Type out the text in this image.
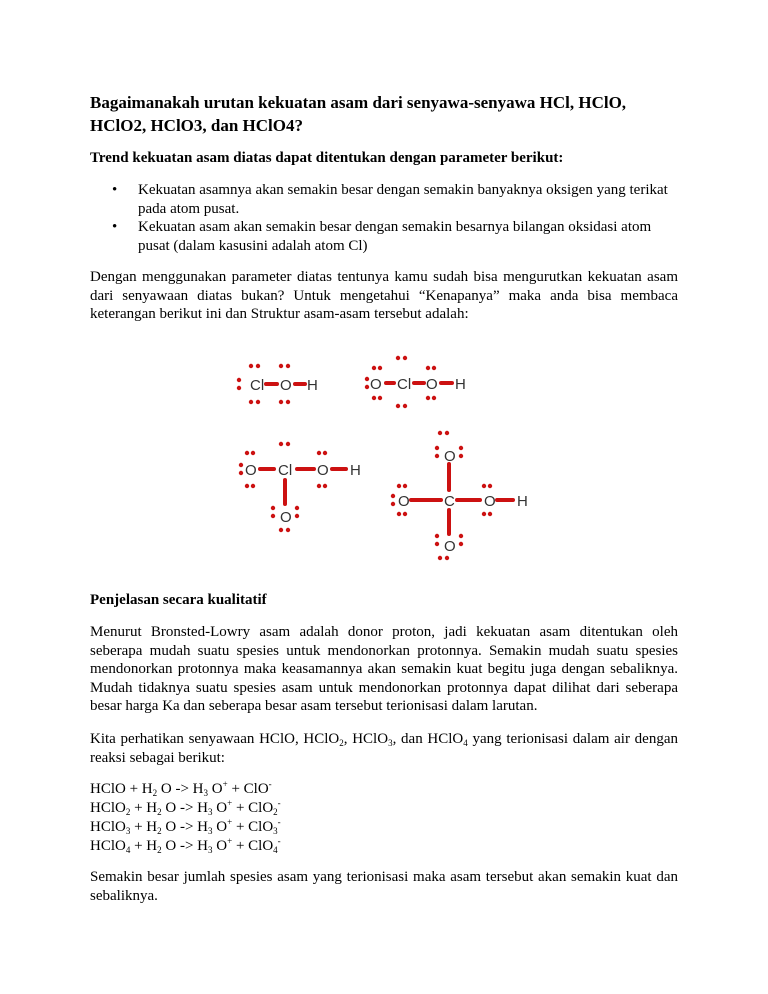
Bagaimanakah urutan kekuatan asam dari senyawa-senyawa HCl, HClO, HClO2, HClO3, dan HClO4?
Trend kekuatan asam diatas dapat ditentukan dengan parameter berikut:
• Kekuatan asamnya akan semakin besar dengan semakin banyaknya oksigen yang terikat pada atom pusat.
• Kekuatan asam akan semakin besar dengan semakin besarnya bilangan oksidasi atom pusat (dalam kasusini adalah atom Cl)
Dengan menggunakan parameter diatas tentunya kamu sudah bisa mengurutkan kekuatan asam dari senyawaan diatas bukan? Untuk mengetahui “Kenapanya” maka anda bisa membaca keterangan berikut ini dan Struktur asam-asam tersebut adalah:
Cl O H	O Cl O H
O Cl O H
O
O
O C O H
O
Penjelasan secara kualitatif
Menurut Bronsted-Lowry asam adalah donor proton, jadi kekuatan asam ditentukan oleh seberapa mudah suatu spesies untuk mendonorkan protonnya. Semakin mudah suatu spesies mendonorkan protonnya maka keasamannya akan semakin kuat begitu juga dengan sebaliknya. Mudah tidaknya suatu spesies asam untuk mendonorkan protonnya dapat dilihat dari seberapa besar harga Ka dan seberapa besar asam tersebut terionisasi dalam larutan.
Kita perhatikan senyawaan HClO, HClO$_2$, HClO$_3$, dan HClO$_4$ yang terionisasi dalam air dengan reaksi sebagai berikut:
HClO + $H_2$ $O -> H_3$ O+ + ClO-
HClO$_2$ + $H_2$ $O -> H_3$ O+ + ClO$_2$-
HClO$_3$ + $H_2$ $O -> H_3$ O+ + ClO$_3$-
HClO$_4$ + $H_2$ $O -> H_3$ O+ + ClO$_4$-
Semakin besar jumlah spesies asam yang terionisasi maka asam tersebut akan semakin kuat dan sebaliknya.
